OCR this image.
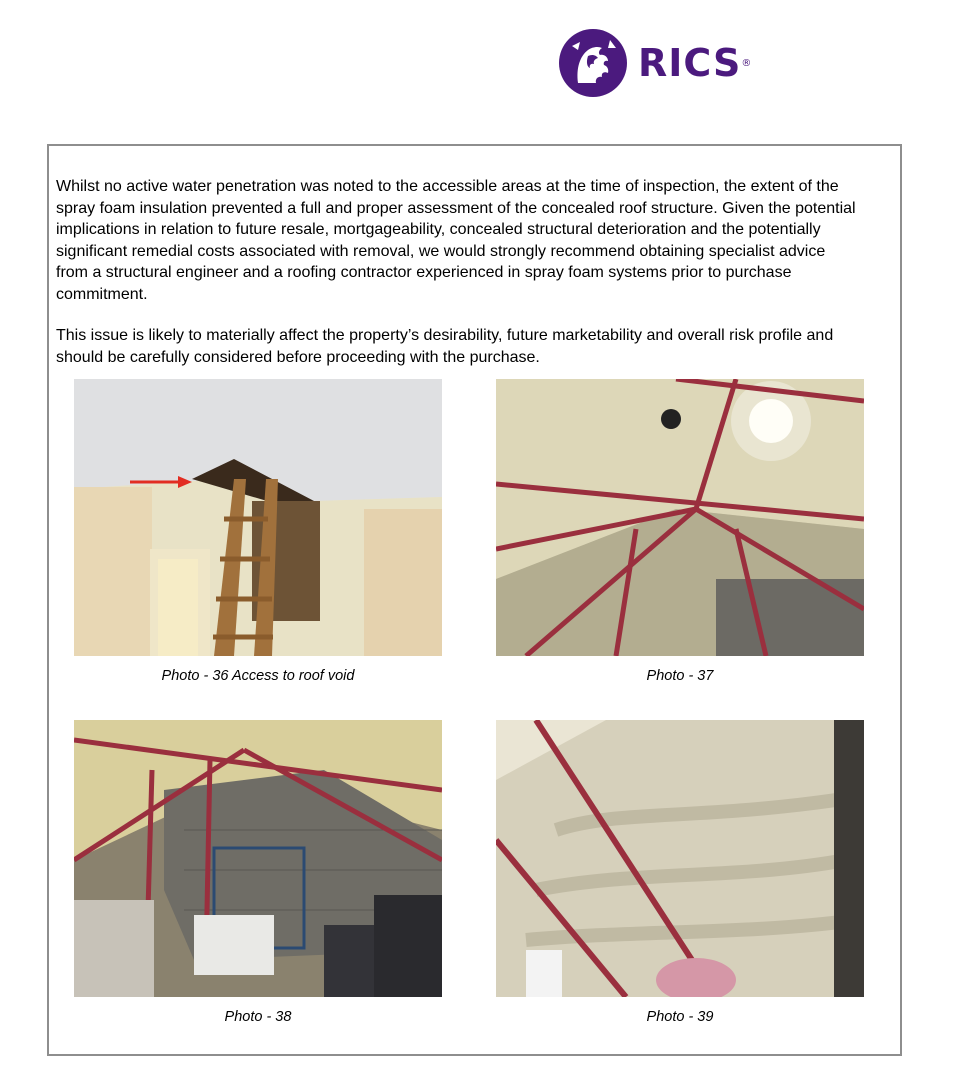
RICS ®

Whilst no active water penetration was noted to the accessible areas at the time of inspection, the extent of the spray foam insulation prevented a full and proper assessment of the concealed roof structure. Given the potential implications in relation to future resale, mortgageability, concealed structural deterioration and the potentially significant remedial costs associated with removal, we would strongly recommend obtaining specialist advice from a structural engineer and a roofing contractor experienced in spray foam systems prior to purchase commitment.

This issue is likely to materially affect the property’s desirability, future marketability and overall risk profile and should be carefully considered before proceeding with the purchase.

Photo - 36 Access to roof void	Photo - 37
Photo - 38	Photo - 39
